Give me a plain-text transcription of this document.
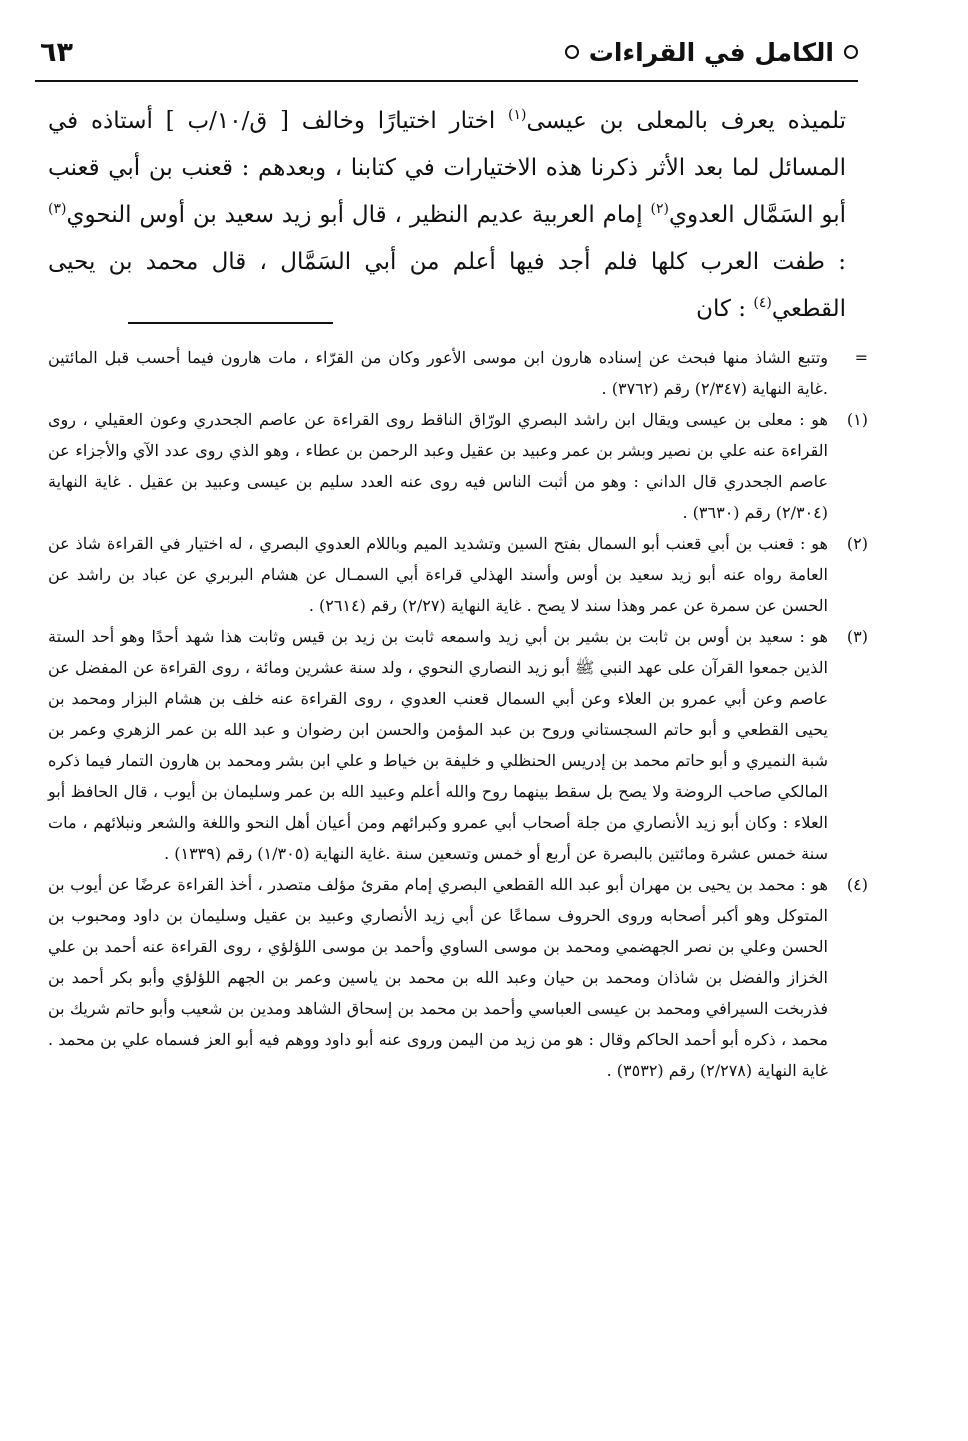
الكامل في القراءات
٦٣

تلميذه يعرف بالمعلى بن عيسى$^{(١)}$ اختار اختيارًا وخالف [ ق/١٠/ب ] أستاذه في المسائل لما بعد الأثر ذكرنا هذه الاختيارات في كتابنا ، وبعدهم : قعنب بن أبي قعنب أبو السَمَّال العدوي$^{(٢)}$ إمام العربية عديم النظير ، قال أبو زيد سعيد بن أوس النحوي$^{(٣)}$ : طفت العرب كلها فلم أجد فيها أعلم من أبي السَمَّال ، قال محمد بن يحيى القطعي$^{(٤)}$ : كان

=
وتتبع الشاذ منها فبحث عن إسناده هارون ابن موسى الأعور وكان من القرّاء ، مات هارون فيما أحسب قبل المائتين .غاية النهاية (٢/٣٤٧) رقم (٣٧٦٢) .
(١)
هو : معلى بن عيسى ويقال ابن راشد البصري الورّاق الناقط روى القراءة عن عاصم الجحدري وعون العقيلي ، روى القراءة عنه علي بن نصير وبشر بن عمر وعبيد بن عقيل وعبد الرحمن بن عطاء ، وهو الذي روى عدد الآي والأجزاء عن عاصم الجحدري قال الداني : وهو من أثبت الناس فيه روى عنه العدد سليم بن عيسى وعبيد بن عقيل . غاية النهاية (٢/٣٠٤) رقم (٣٦٣٠) .
(٢)
هو : قعنب بن أبي قعنب أبو السمال بفتح السين وتشديد الميم وباللام العدوي البصري ، له اختيار في القراءة شاذ عن العامة رواه عنه أبو زيد سعيد بن أوس وأسند الهذلي قراءة أبي السمـال عن هشام البربري عن عباد بن راشد عن الحسن عن سمرة عن عمر وهذا سند لا يصح . غاية النهاية (٢/٢٧) رقم (٢٦١٤) .
(٣)
هو : سعيد بن أوس بن ثابت بن بشير بن أبي زيد واسمعه ثابت بن زيد بن قيس وثابت هذا شهد أحدًا وهو أحد الستة الذين جمعوا القرآن على عهد النبي ﷺ أبو زيد النصاري النحوي ، ولد سنة عشرين ومائة ، روى القراءة عن المفضل عن عاصم وعن أبي عمرو بن العلاء وعن أبي السمال قعنب العدوي ، روى القراءة عنه خلف بن هشام البزار ومحمد بن يحيى القطعي و أبو حاتم السجستاني وروح بن عبد المؤمن والحسن ابن رضوان و عبد الله بن عمر الزهري وعمر بن شبة النميري و أبو حاتم محمد بن إدريس الحنظلي و خليفة بن خياط و علي ابن بشر ومحمد بن هارون التمار فيما ذكره المالكي صاحب الروضة ولا يصح بل سقط بينهما روح والله أعلم وعبيد الله بن عمر وسليمان بن أيوب ، قال الحافظ أبو العلاء : وكان أبو زيد الأنصاري من جلة أصحاب أبي عمرو وكبرائهم ومن أعيان أهل النحو واللغة والشعر ونبلائهم ، مات سنة خمس عشرة ومائتين بالبصرة عن أربع أو خمس وتسعين سنة .غاية النهاية (١/٣٠٥) رقم (١٣٣٩) .
(٤)
هو : محمد بن يحيى بن مهران أبو عبد الله القطعي البصري إمام مقرئ مؤلف متصدر ، أخذ القراءة عرضًا عن أيوب بن المتوكل وهو أكبر أصحابه وروى الحروف سماعًا عن أبي زيد الأنصاري وعبيد بن عقيل وسليمان بن داود ومحبوب بن الحسن وعلي بن نصر الجهضمي ومحمد بن موسى الساوي وأحمد بن موسى اللؤلؤي ، روى القراءة عنه أحمد بن علي الخزاز والفضل بن شاذان ومحمد بن حيان وعبد الله بن محمد بن ياسين وعمر بن الجهم اللؤلؤي وأبو بكر أحمد بن فذربخت السيرافي ومحمد بن عيسى العباسي وأحمد بن محمد بن إسحاق الشاهد ومدين بن شعيب وأبو حاتم شريك بن محمد ، ذكره أبو أحمد الحاكم وقال : هو من زيد من اليمن وروى عنه أبو داود ووهم فيه أبو العز فسماه علي بن محمد . غاية النهاية (٢/٢٧٨) رقم (٣٥٣٢) .
